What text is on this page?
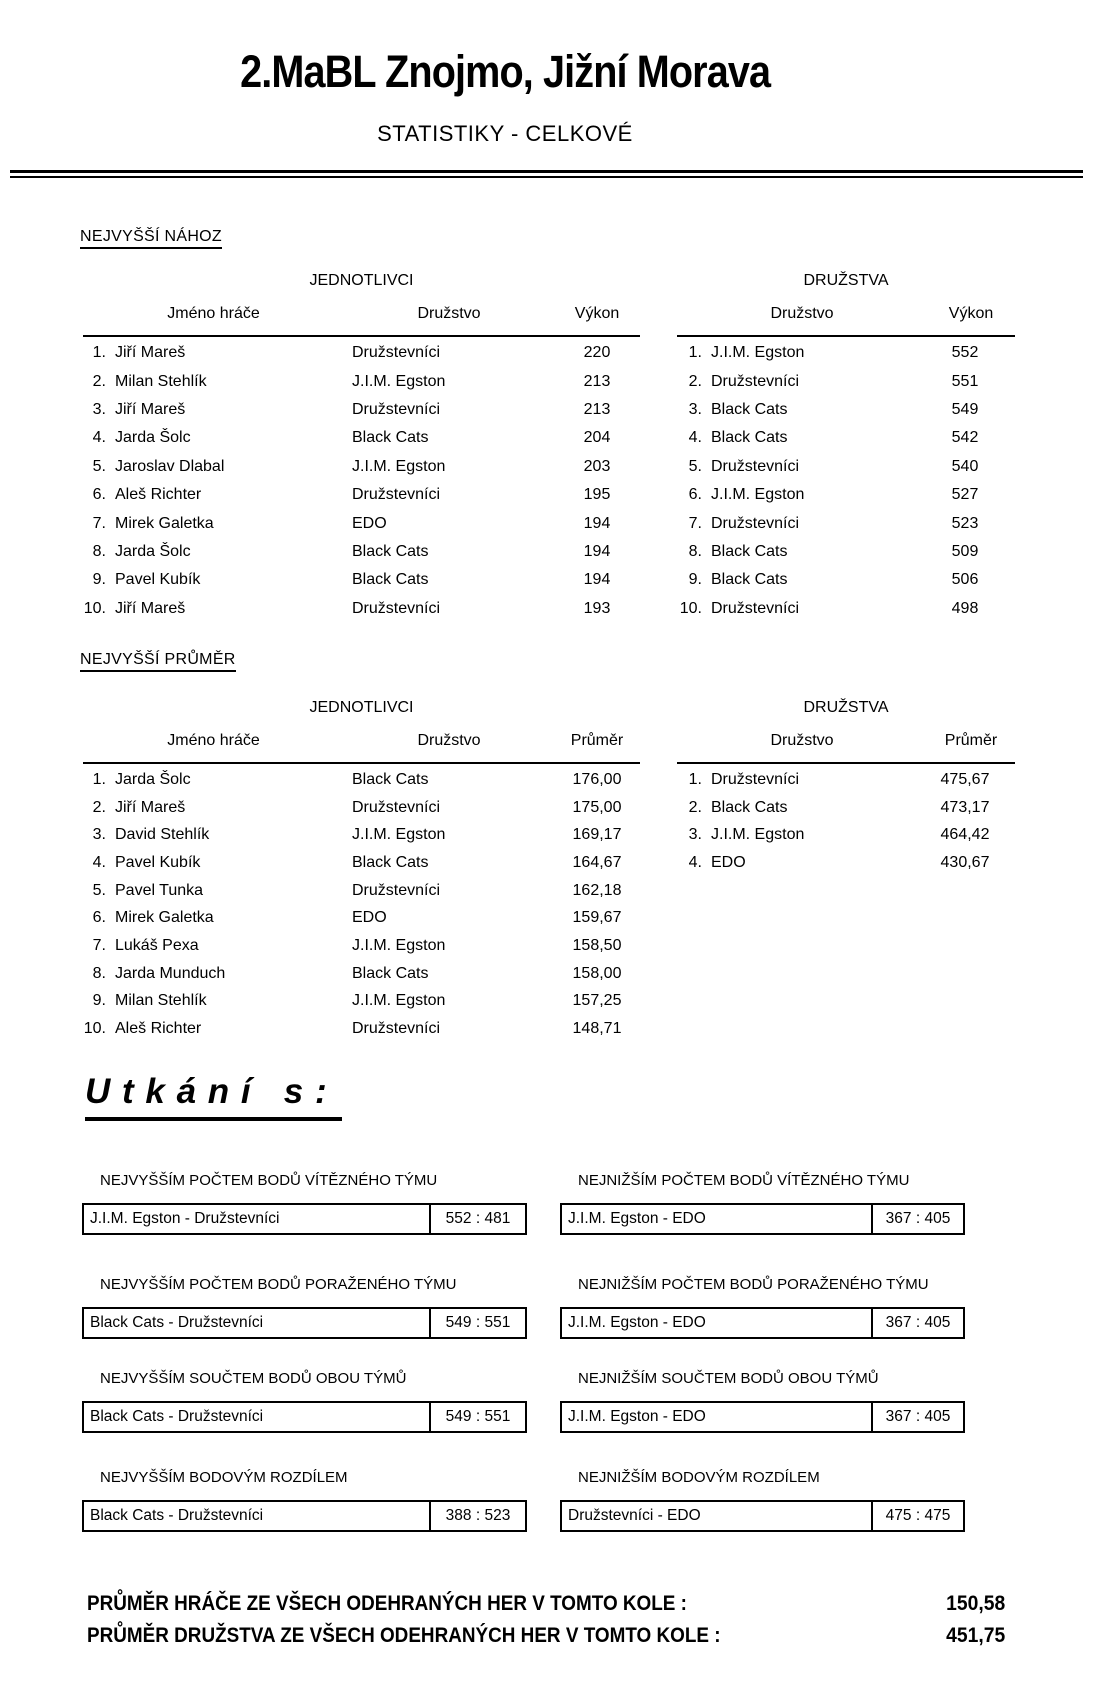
2.MaBL Znojmo, Jižní Morava
STATISTIKY - CELKOVÉ
NEJVYŠŠÍ NÁHOZ
JEDNOTLIVCI
Jméno hráče	Družstvo	Výkon
1. Jiří Mareš	Družstevníci	220
2. Milan Stehlík	J.I.M. Egston	213
3. Jiří Mareš	Družstevníci	213
4. Jarda Šolc	Black Cats	204
5. Jaroslav Dlabal	J.I.M. Egston	203
6. Aleš Richter	Družstevníci	195
7. Mirek Galetka	EDO	194
8. Jarda Šolc	Black Cats	194
9. Pavel Kubík	Black Cats	194
10. Jiří Mareš	Družstevníci	193
DRUŽSTVA
Družstvo	Výkon
1. J.I.M. Egston	552
2. Družstevníci	551
3. Black Cats	549
4. Black Cats	542
5. Družstevníci	540
6. J.I.M. Egston	527
7. Družstevníci	523
8. Black Cats	509
9. Black Cats	506
10. Družstevníci	498
NEJVYŠŠÍ PRŮMĚR
JEDNOTLIVCI
Jméno hráče	Družstvo	Průměr
1. Jarda Šolc	Black Cats	176,00
2. Jiří Mareš	Družstevníci	175,00
3. David Stehlík	J.I.M. Egston	169,17
4. Pavel Kubík	Black Cats	164,67
5. Pavel Tunka	Družstevníci	162,18
6. Mirek Galetka	EDO	159,67
7. Lukáš Pexa	J.I.M. Egston	158,50
8. Jarda Munduch	Black Cats	158,00
9. Milan Stehlík	J.I.M. Egston	157,25
10. Aleš Richter	Družstevníci	148,71
DRUŽSTVA
Družstvo	Průměr
1. Družstevníci	475,67
2. Black Cats	473,17
3. J.I.M. Egston	464,42
4. EDO	430,67
U t k á n í   s :
NEJVYŠŠÍM POČTEM BODŮ VÍTĚZNÉHO TÝMU
J.I.M. Egston - Družstevníci	552 : 481
NEJNIŽŠÍM POČTEM BODŮ VÍTĚZNÉHO TÝMU
J.I.M. Egston - EDO	367 : 405
NEJVYŠŠÍM POČTEM BODŮ PORAŽENÉHO TÝMU
Black Cats - Družstevníci	549 : 551
NEJNIŽŠÍM POČTEM BODŮ PORAŽENÉHO TÝMU
J.I.M. Egston - EDO	367 : 405
NEJVYŠŠÍM SOUČTEM BODŮ OBOU TÝMŮ
Black Cats - Družstevníci	549 : 551
NEJNIŽŠÍM SOUČTEM BODŮ OBOU TÝMŮ
J.I.M. Egston - EDO	367 : 405
NEJVYŠŠÍM BODOVÝM ROZDÍLEM
Black Cats - Družstevníci	388 : 523
NEJNIŽŠÍM BODOVÝM ROZDÍLEM
Družstevníci - EDO	475 : 475
PRŮMĚR HRÁČE ZE VŠECH ODEHRANÝCH HER V TOMTO KOLE :	150,58
PRŮMĚR DRUŽSTVA ZE VŠECH ODEHRANÝCH HER V TOMTO KOLE :	451,75
